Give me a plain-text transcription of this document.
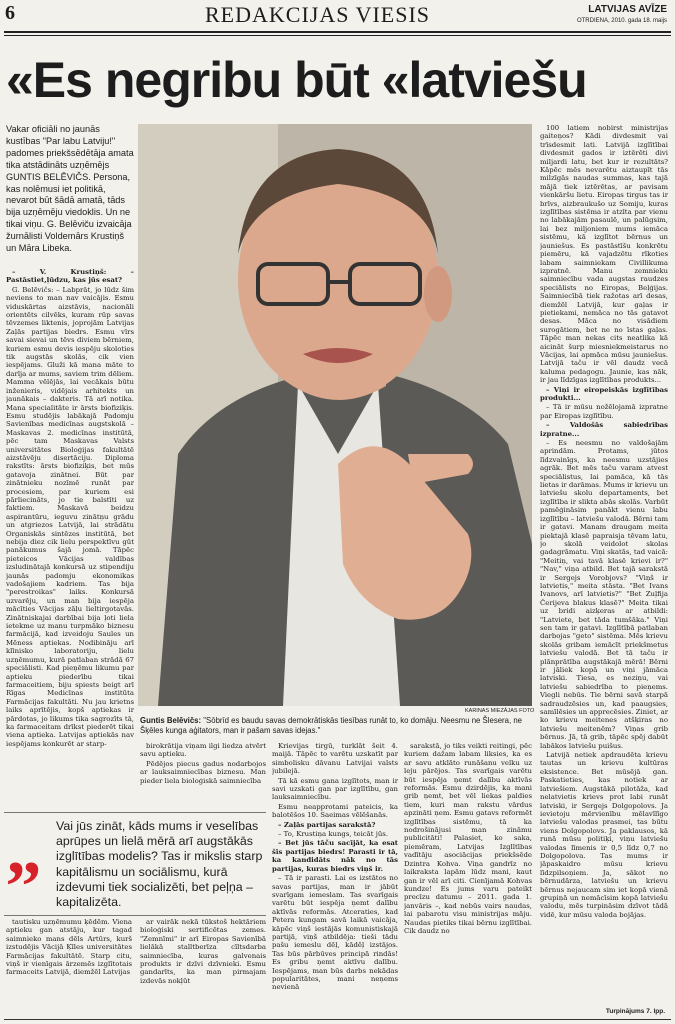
6	REDAKCIJAS VIESIS	LATVIJAS AVĪZE
OTRDIENA, 2010. gada 18. maijs
«Es negribu būt «latviešu
Vakar oficiāli no jaunās kustības "Par labu Latviju!" padomes priekšsēdētāja amata tika atstādināts uzņēmējs GUNTIS BELĒVIČS. Persona, kas nolēmusi iet politikā, nevarot būt šādā amatā, tāds bija uzņēmēju viedoklis. Un ne tikai viņu. G. Belēviču izvaicāja žurnālisti Voldemārs Krustiņš un Māra Libeka.

– V. Krustiņš: – Pastāstiet,ļūdzu, kas jūs esat?

G. Belēvičs: – Labprāt, jo lūdz šim neviens to man nav vaicājis. Esmu viduskārtas aizstāvis, nacionāli orientēts cilvēks, kuram rūp savas tēvzemes liktenis, joprojām Latvijas Zaļās partijas biedrs. Esmu vīrs savai sievai un tēvs diviem bērniem, kuriem esmu devis iespēju skoloties tik augstās skolās, cik vien iespējams. Gluži kā mana māte to darīja ar mums, saviem trim dēliem. Mamma vēlējās, lai vecākais būtu inženieris, vidējais arhitekts un jaunākais – dakteris. Tā arī notika. Mana specialitāte ir ārsts biofiziķis. Esmu studējis labākajā Padomju Savienības medicīnas augstskolā – Maskavas 2. medicīnas institūtā, pēc tam Maskavas Valsts universitātes Bioloģijas fakultātē aizstāvēju disertāciju. Diploma rakstīts: ārsts biofiziķis, bet mūs gatavoja zinātnei. Būt par zinātnieku nozīmē runāt par procesiem, par kuriem esi pārliecināts, jo tie balstīti uz faktiem. Maskavā beidzu aspirantūru, ieguvu zinātņu grādu un atgriezos Latvijā, lai strādātu Organiskās sintēzes institūtā, bet nebija diez cik lielu perspektīvu gūt panākumus šajā jomā. Tāpēc pieteicos Vācijas valdības izsludinātajā konkursā uz stipendiju jaunās padomju ekonomikas vadošajiem kadriem. Tas bija "perestroikas" laiks. Konkursā uzvarēju, un man bija iespēja mācīties Vācijas zāļu lieltirgotavās. Zinātniskajai darbībai bija ļoti liela ietekme uz manu turpmāko biznesu farmācijā, kad izveidoju Saules un Mēness aptiekas. Nodibināju arī klīnisko laboratoriju, lielu uzņēmumu, kurā patlaban strādā 67 speciālisti. Kad pieņēmu likumu par aptieku piederību tikai farmaceitiem, biju spiests beigt arī Rīgas Medicīnas institūta Farmācijas fakultāti. Nu jau krietns laiks aprītējis, kopš aptiekas ir pārdotas, jo likums tika sagrozīts tā, ka farmaceitam drīkst piederēt tikai viena aptieka. Latvijas aptiekās nav iespējams konkurēt ar starp-

KARINAS MIEZĀJAS FOTO
Guntis Belēvičs: "Sōbrīd es baudu savas demokrātiskās tiesības runāt to, ko domāju. Neesmu ne Šlesera, ne Šķēles kunga aģitators, man ir pašam savas idejas."

birokrātija viņam ilgi liedza atvērt savu aptieku.

Pēdējos piecus gadus nodarbojos ar lauksaimniecības biznesu. Man pieder liela bioloģiskā saimniecība

Krievijas tirgū, turklāt šeit 4. maijā. Tāpēc to varētu uzskatīt par simbolisku dāvanu Latvijai valsts jubilejā.

Tā kā esmu gana izglītots, man ir savi uzskati gan par izglītību, gan lauksaimniecību.

Esmu neapprotami pateicis, ka balotēšos 10. Saeimas vēlēšanās.

– Zaļās partijas sarakstā?

– To, Krustiņa kungs, teicāt jūs.

– Bet jūs tāču sacījāt, ka esat šīs partijas biedrs! Parasti ir tā, ka kandidāts nāk no tās partijas, kuras biedrs viņš ir.

– Tā ir parasti. Lai es izstātos no savas partijas, man ir jābūt svarīgam iemeslam. Tas svarīgais varētu būt iespēja ņemt dalību aktīvās reformās. Atceraties, kad Petera kungam savā laikā vaicāja, kāpēc viņš iestājās komunistiskajā partijā, viņš atbildēja: tieši tādu pašu iemeslu dēļ, kādēļ izstājos. Tas būs pārbūves principā rindās! Es gribu ņemt aktīvu dalību. Iespējams, man būs darbs nekādas popularitātes, mani neņems nevienā

sarakstā, jo tiks veikti reitingi, pēc kuriem dažam labam liksies, ka es ar savu atklāto runāšanu velku uz leju pārējos. Tas svarīgais varētu būt iespēja ņemt dalību aktīvās reformās. Esmu dzirdējis, ka mani grib ņemt, bet vēl liekas paldies tiem, kuri man rakstu vārdus apzināti ņem. Esmu gatavs reformēt izglītības sistēmu, tā ka nodrošinājusi man zināmu publicitāti! Palasiet, ko saka, piemēram, Latvijas Izglītības vadītāju asociācijas priekšsēde Dzintra Kohva. Viņa gandrīz no laikraksta lapām lūdz mani, kaut gan ir vēl arī citi. Cienījamā Kohvas kundze! Es jums varu pateikt precīzu datumu – 2011. gada 1. janvāris –, kad nebūs vairs naudas, lai pabarotu visu ministrijas māju. Naudas pietiks tikai bērnu izglītībai. Cik daudz no

100 latiem nobirst ministrijas gaiteņos? Kādi divdesmit vai trīsdesmit lati. Latvijā izglītībai divdesmit gados ir iztērēti divi miljardi latu, bet kur ir rezultāts? Kāpēc mēs nevarētu aiztaupīt tās milzīgās naudas summas, kas tajā mājā tiek iztērētas, ar pavisam vienkāršu lietu. Eiropas tirgus tas ir brīvs, aizbraukušo uz Somiju, kuras izglītības sistēma ir atzīta par vienu no labākajām pasaulē, un palūgsim, lai bez miljoniem mums iemāca sistēmu, kā izglītot bērnus un jauniešus. Es pastāstīšu konkrētu piemēru, kā vajadzētu rīkoties labam saimniekam Civillikuma izpratnē. Manu zemnieku saimniecību vada augstas raudzes speciālists no Eiropas, Beļģijas. Saimniecībā tiek ražotas arī desas, diemžēl Latvijā, kur gaļas ir pietiekami, nemāca no tās gatavot desas. Māca no visādiem surogātiem, bet ne no īstas gaļas. Tāpēc man nekas cits neatlika kā aicināt šurp miesniekmeistarus no Vācijas, lai apmāca mūsu jauniešus. Latvijā taču ir vēl daudz vecā kaluma pedagogu. Jaunie, kas nāk, ir jau līdzīgas izglītības produkts...

– Viņi ir eiropeiskās izglītības produkti...

– Tā ir mūsu nožēlojamā izpratne par Eiropas izglītību.

– Valdošās sabiedrības izpratne...

– Es neesmu no valdošajām aprindām. Protams, jūtos līdzvainīgs, ka neesmu uzstājies agrāk. Bet mēs taču varam atvest speciālistus, lai pamāca, kā tās lietas ir darāmas. Mums ir krievu un latviešu skolu departaments, bet izglītība ir slikta abās skolās. Varbūt pamēģināsim panākt vienu labu izglītību – latviešu valodā. Bērni tam ir gatavi. Manam draugam meita piektajā klasē papraisja tēvam latu, jo skolā veidolot skolas gadagrāmatu. Viņi skatās, tad vaicā: "Meitiņ, vai tavā klasē krievi ir?" "Nav," viņa atbild. Bet tajā sarakstā ir Sergejs Vorobjovs? "Viņš ir latvietis," meita stāsta. "Bet Ivans Ivanovs, arī latvietis?" "Bet Zuļfija Čerijeva blakus klasē?" Meita tikai uz bridi aizķeras ar atbildi: "Latviete, bet tāda tumšāka." Viņi sen tam ir gatavi. Izglītībā patlaban darbojas "geto" sistēma. Mēs krievu skolās gribam iemācīt priekšmetus latviešu valodā. Bet tā taču ir plānprātība augstākajā mērā! Bērni ir jāliek kopā un viņi jāmāca latviski. Tiesa, es neziņu, vai latviešu sabiedrība to pieņems. Viegli nebūs. Tie bērni savā starpā sadraudzēsies un, kad paaugsies, samīlēsies un apprecēsies. Ziniet, ar ko krievu meitenes atšķiras no latviešu meitenēm? Viņas grib bērnus. Jā, tā grib, tāpēc spēj dabūt labākos latviešu puišus.

Latvijā netiek apdraudēta krievu tautas un krievu kultūras eksistence. Bet mūsējā gan. Paskatieties, kas notiek ar latviešiem. Augstākā pilotāža, kad nelatvietis krievs prot labi runāt latviski, ir Sergejs Dolgopolovs. Ja ievietoju mērvienību mēlavīlīgo latviešu valodas prasmei, tas būtu viens Dolgopolovs. Ja paklausos, kā runā mūsu politiķi, viņu latviešu valodas līmenis ir 0,5 līdz 0,7 no Dolgopolova. Tas mums ir jāpaskaidro mūsu krievu līdzpilsoņiem. Ja, sākot no bērnudārza, latviešu un krievu bērnus nejaucam sim iet kopā vienā grupiņā un nemācīsim kopā latviešu valodu, mēs turpināsim dzīvot tādā vidē, kur mūsu valoda bojājas.

„	Vai jūs zināt, kāds mums ir veselības aprūpes un lielā mērā arī augstākās izglītības modelis? Tas ir mikslis starp kapitālismu un sociālismu, kurā izdevumi tiek socializēti, bet peļņa – kapitalizēta.

tautisku uzņēmumu ķēdēm. Viena aptieku gan atstāju, kur tagad saimnieko mans dēls Artūrs, kurš izstudējis Vācijā Ķīles universitātes Farmācijas fakultātē. Starp citu, viņš ir vienīgais ārzemēs izglītotais farmaceits Latvijā, diemžēl Latvijas

ar vairāk nekā tūkstoš hektāriem bioloģiski sertificētas zemes. "Zemnīmi" ir arī Eiropas Savienībā lielākā stalltberīza cīltsdarba saimniecība, kuras galvenais produkts ir dzīvi dzīvnieki. Esmu gandarīts, ka man pirmajam izdevās nokļūt

Turpinājums 7. lpp.
